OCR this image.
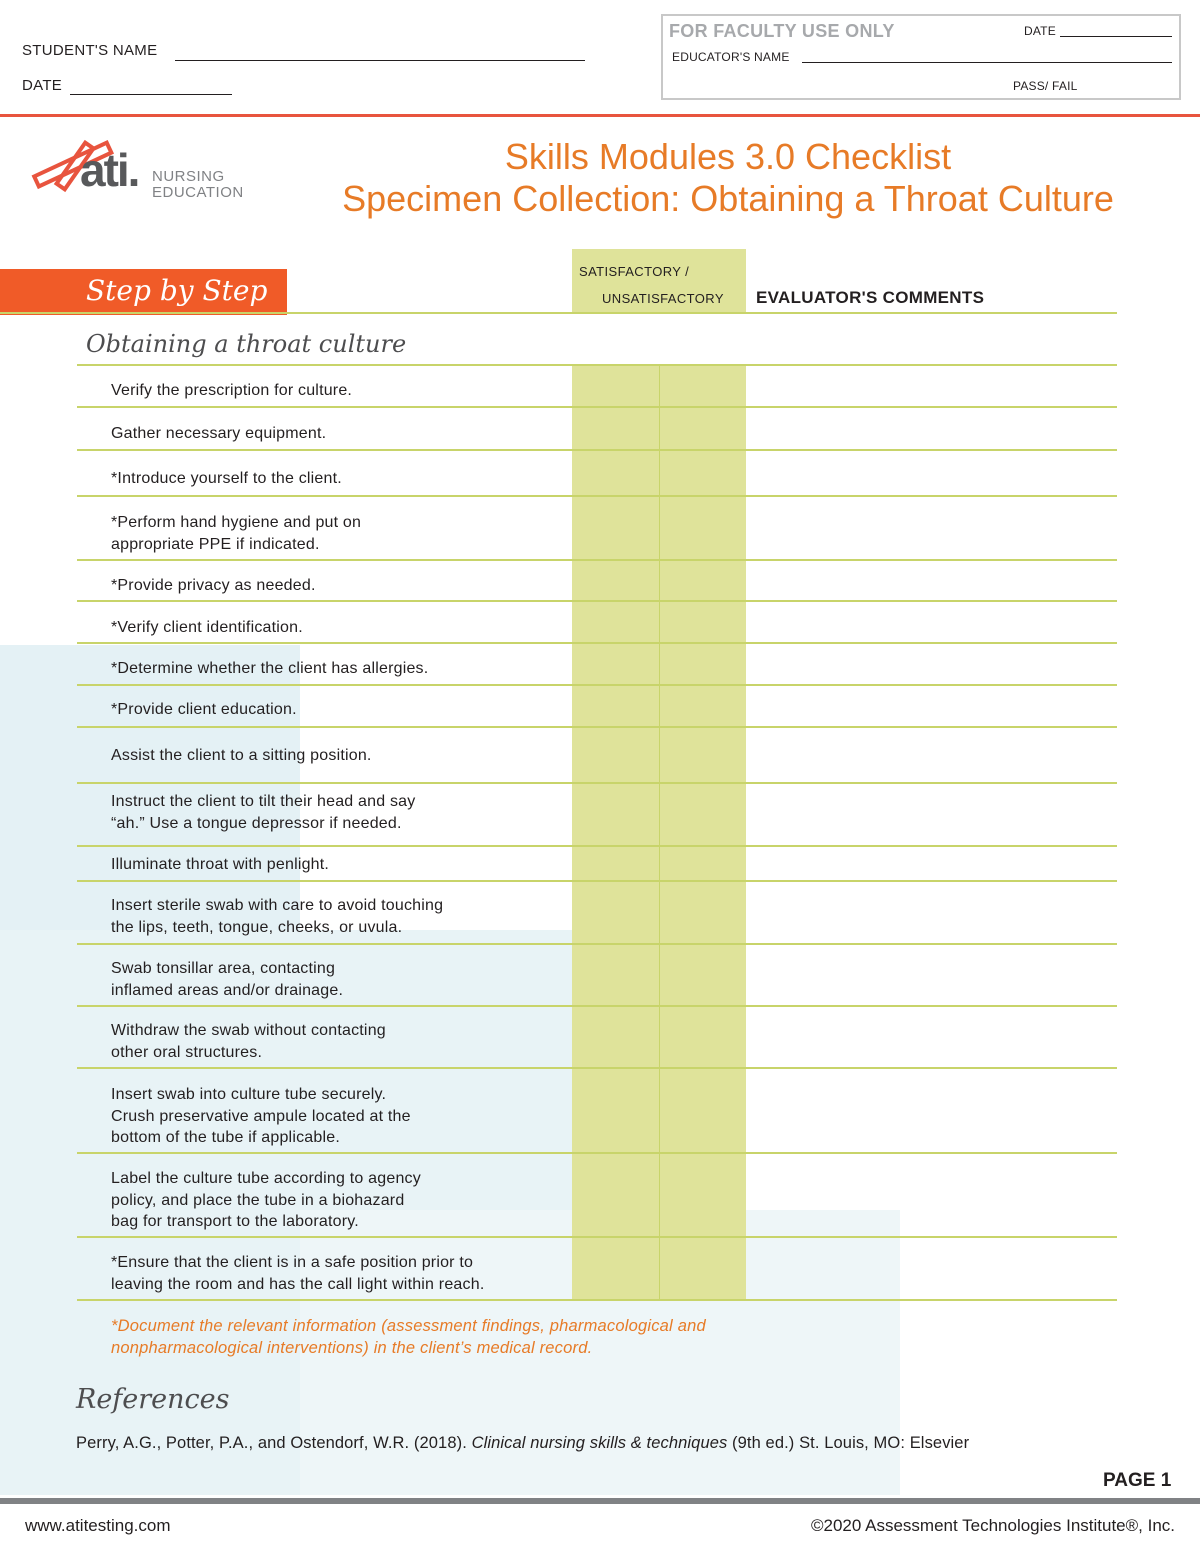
STUDENT'S NAME
DATE
FOR FACULTY USE ONLY	DATE
EDUCATOR'S NAME
PASS/ FAIL
ati. NURSING
EDUCATION
Skills Modules 3.0 Checklist
Specimen Collection: Obtaining a Throat Culture
Step by Step
SATISFACTORY /
UNSATISFACTORY EVALUATOR'S COMMENTS
Obtaining a throat culture
Verify the prescription for culture.
Gather necessary equipment.
*Introduce yourself to the client.
*Perform hand hygiene and put on
appropriate PPE if indicated.
*Provide privacy as needed.
*Verify client identification.
*Determine whether the client has allergies.
*Provide client education.
Assist the client to a sitting position.
Instruct the client to tilt their head and say
“ah.” Use a tongue depressor if needed.
Illuminate throat with penlight.
Insert sterile swab with care to avoid touching
the lips, teeth, tongue, cheeks, or uvula.
Swab tonsillar area, contacting
inflamed areas and/or drainage.
Withdraw the swab without contacting
other oral structures.
Insert swab into culture tube securely.
Crush preservative ampule located at the
bottom of the tube if applicable.
Label the culture tube according to agency
policy, and place the tube in a biohazard
bag for transport to the laboratory.
*Ensure that the client is in a safe position prior to
leaving the room and has the call light within reach.
*Document the relevant information (assessment findings, pharmacological and
nonpharmacological interventions) in the client’s medical record.
References
Perry, A.G., Potter, P.A., and Ostendorf, W.R. (2018). Clinical nursing skills & techniques (9th ed.) St. Louis, MO: Elsevier
PAGE 1
www.atitesting.com	©2020 Assessment Technologies Institute®, Inc.
